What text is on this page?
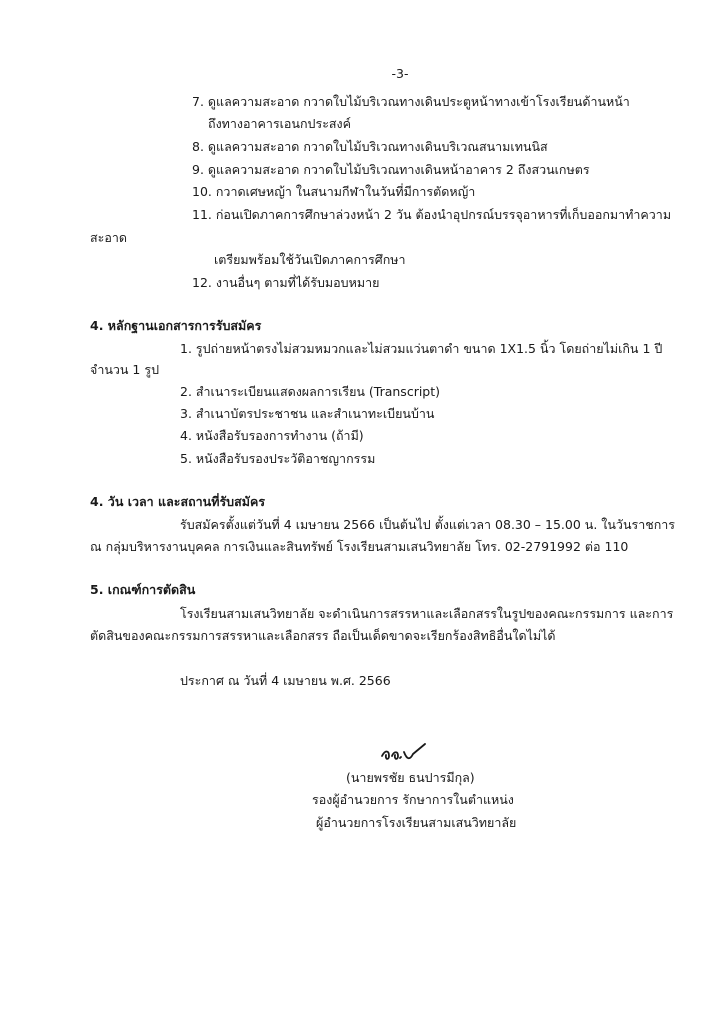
-3-
7. ดูแลความสะอาด กวาดใบไม้บริเวณทางเดินประตูหน้าทางเข้าโรงเรียนด้านหน้า
ถึงทางอาคารเอนกประสงค์
8. ดูแลความสะอาด กวาดใบไม้บริเวณทางเดินบริเวณสนามเทนนิส
9. ดูแลความสะอาด กวาดใบไม้บริเวณทางเดินหน้าอาคาร 2 ถึงสวนเกษตร
10. กวาดเศษหญ้า ในสนามกีฬาในวันที่มีการตัดหญ้า
11. ก่อนเปิดภาคการศึกษาล่วงหน้า 2 วัน ต้องนำอุปกรณ์บรรจุอาหารที่เก็บออกมาทำความ
สะอาด
เตรียมพร้อมใช้วันเปิดภาคการศึกษา
12. งานอื่นๆ ตามที่ได้รับมอบหมาย
4. หลักฐานเอกสารการรับสมัคร
1. รูปถ่ายหน้าตรงไม่สวมหมวกและไม่สวมแว่นตาดำ ขนาด 1X1.5 นิ้ว โดยถ่ายไม่เกิน 1 ปี
จำนวน 1 รูป
2. สำเนาระเบียนแสดงผลการเรียน (Transcript)
3. สำเนาบัตรประชาชน และสำเนาทะเบียนบ้าน
4. หนังสือรับรองการทำงาน (ถ้ามี)
5. หนังสือรับรองประวัติอาชญากรรม
4. วัน เวลา และสถานที่รับสมัคร
รับสมัครตั้งแต่วันที่ 4 เมษายน 2566 เป็นต้นไป ตั้งแต่เวลา 08.30 – 15.00 น. ในวันราชการ
ณ กลุ่มบริหารงานบุคคล การเงินและสินทรัพย์ โรงเรียนสามเสนวิทยาลัย โทร. 02-2791992 ต่อ 110
5. เกณฑ์การตัดสิน
โรงเรียนสามเสนวิทยาลัย จะดำเนินการสรรหาและเลือกสรรในรูปของคณะกรรมการ และการ
ตัดสินของคณะกรรมการสรรหาและเลือกสรร ถือเป็นเด็ดขาดจะเรียกร้องสิทธิอื่นใดไม่ได้
ประกาศ ณ วันที่ 4 เมษายน พ.ศ. 2566
(นายพรชัย ธนปารมีกุล)
รองผู้อำนวยการ รักษาการในตำแหน่ง
ผู้อำนวยการโรงเรียนสามเสนวิทยาลัย
